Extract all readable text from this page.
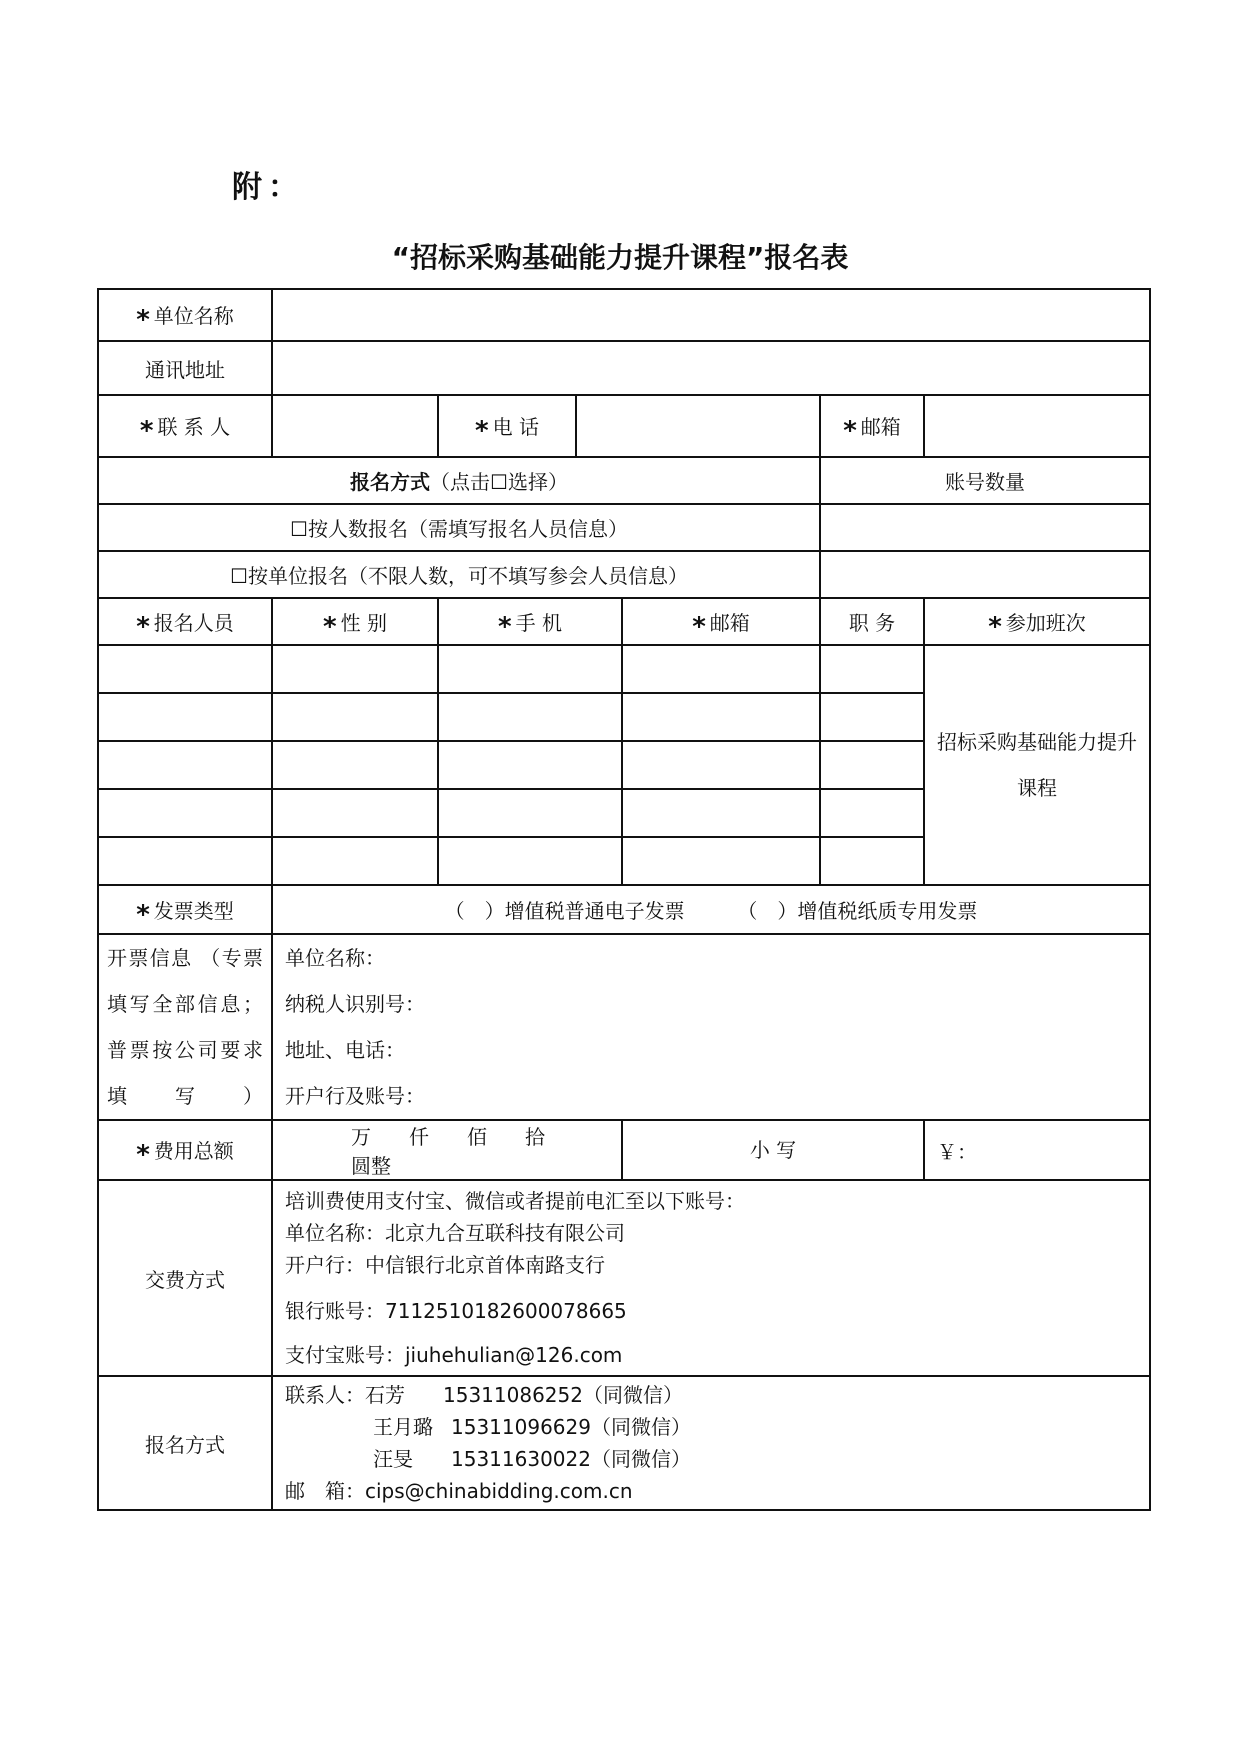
附：
“招标采购基础能力提升课程”报名表
* 单位名称	
通讯地址						
* 联 系 人		* 电 话			* 邮箱	
报名方式（点击☐选择）					账号数量	
☐按人数报名（需填写报名人员信息）						
☐按单位报名（不限人数，可不填写参会人员信息）						
* 报名人员	* 性 别	* 手 机		* 邮箱	职 务	* 参加班次
						招标采购基础能力提升课程

* 发票类型	（　）增值税普通电子发票 （　）增值税纸质专用发票					
开票信息 （专票填写全部信息；普票按公司要求填写）	单位名称：
纳税人识别号：
地址、电话：
开户行及账号：					

* 费用总额	万 仟 佰 拾圆整			小 写		￥：
交费方式	培训费使用支付宝、微信或者提前电汇至以下账号：
单位名称：北京九合互联科技有限公司
开户行：中信银行北京首体南路支行
银行账号：7112510182600078665
支付宝账号：jiuhehulian@126.com					

报名方式	联系人：石芳 15311086252（同微信）
王月璐 15311096629（同微信）
汪旻 15311630022（同微信）
邮　箱：cips@chinabidding.com.cn					
